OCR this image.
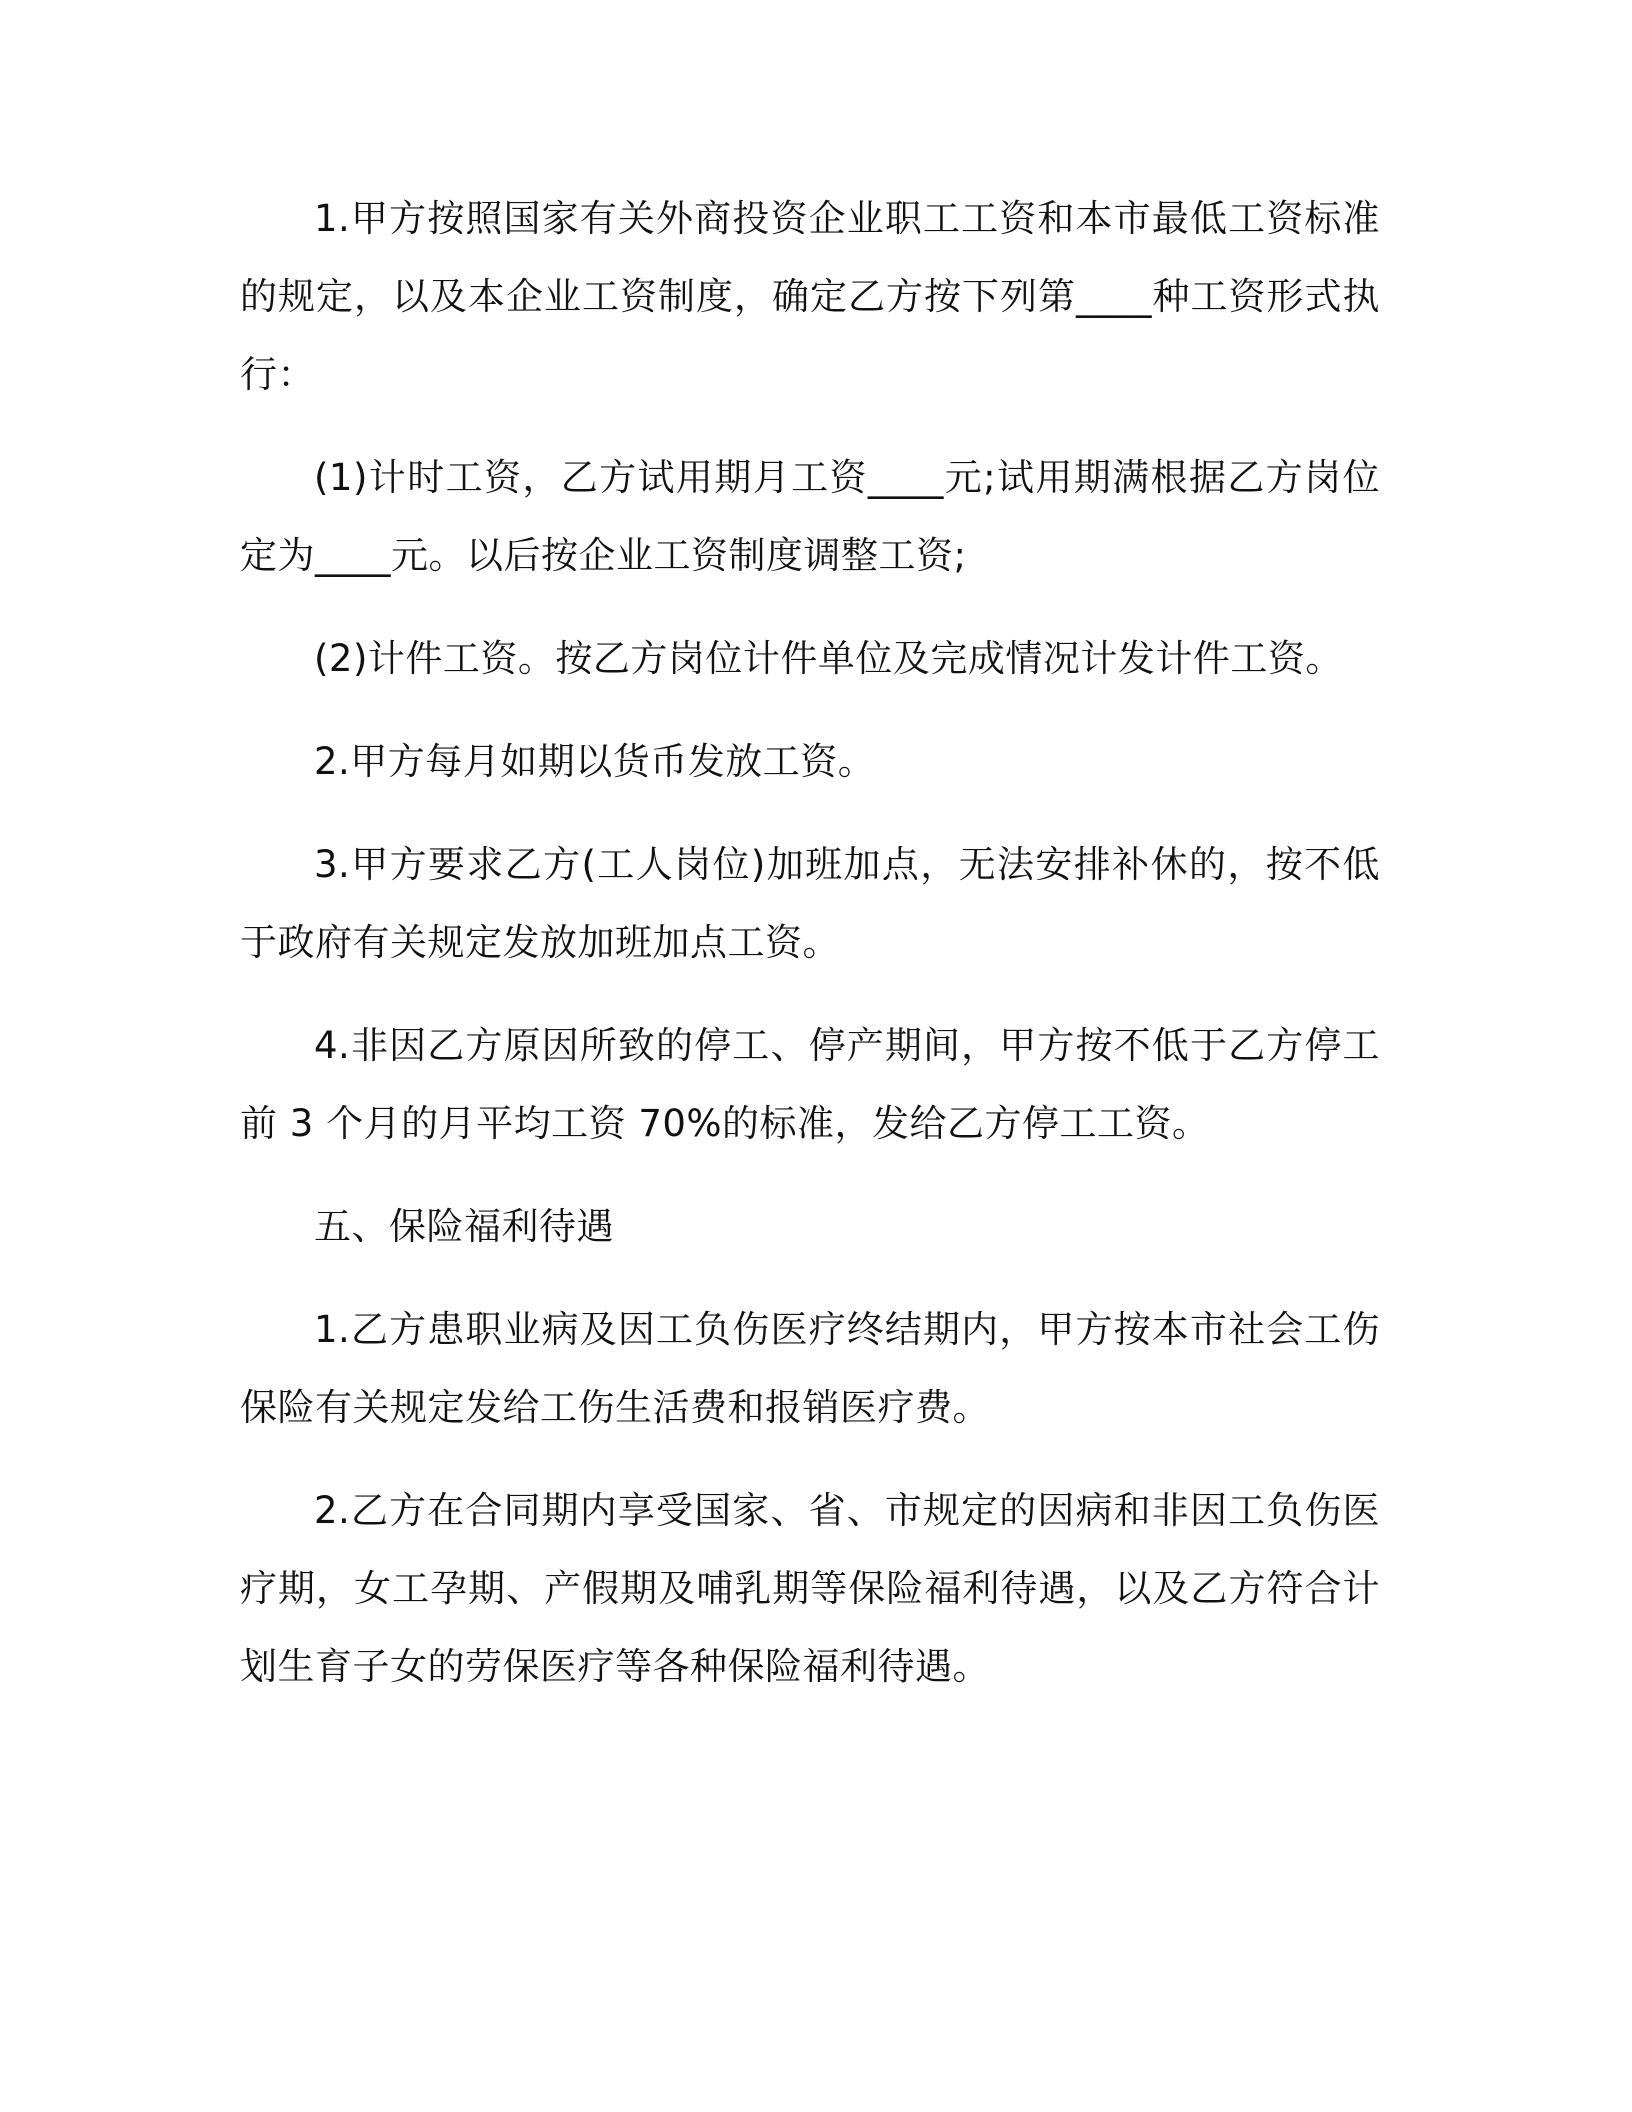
1.甲方按照国家有关外商投资企业职工工资和本市最低工资标准的规定，以及本企业工资制度，确定乙方按下列第____种工资形式执行：

(1)计时工资，乙方试用期月工资____元;试用期满根据乙方岗位定为____元。以后按企业工资制度调整工资;

(2)计件工资。按乙方岗位计件单位及完成情况计发计件工资。

2.甲方每月如期以货币发放工资。

3.甲方要求乙方(工人岗位)加班加点，无法安排补休的，按不低于政府有关规定发放加班加点工资。

4.非因乙方原因所致的停工、停产期间，甲方按不低于乙方停工前 3 个月的月平均工资 70%的标准，发给乙方停工工资。

五、保险福利待遇

1.乙方患职业病及因工负伤医疗终结期内，甲方按本市社会工伤保险有关规定发给工伤生活费和报销医疗费。

2.乙方在合同期内享受国家、省、市规定的因病和非因工负伤医疗期，女工孕期、产假期及哺乳期等保险福利待遇，以及乙方符合计划生育子女的劳保医疗等各种保险福利待遇。
